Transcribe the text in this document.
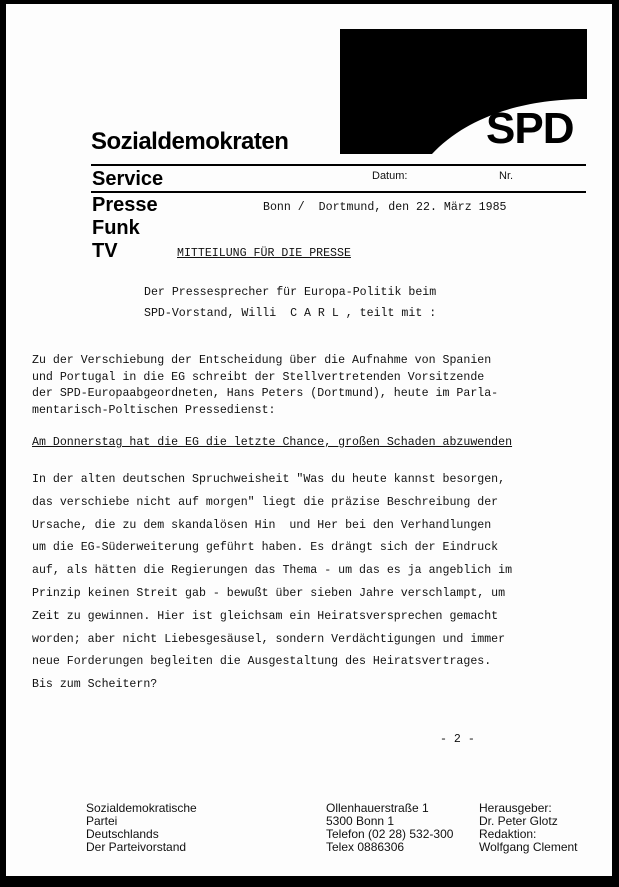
SPD
Sozialdemokraten
Service	Datum:	Nr.
Presse
Funk
TV
Bonn /  Dortmund, den 22. März 1985
MITTEILUNG FÜR DIE PRESSE
Der Pressesprecher für Europa-Politik beim
SPD-Vorstand, Willi  C A R L , teilt mit :
Zu der Verschiebung der Entscheidung über die Aufnahme von Spanien
und Portugal in die EG schreibt der Stellvertretenden Vorsitzende
der SPD-Europaabgeordneten, Hans Peters (Dortmund), heute im Parla-
mentarisch-Poltischen Pressedienst:
Am Donnerstag hat die EG die letzte Chance, großen Schaden abzuwenden
In der alten deutschen Spruchweisheit "Was du heute kannst besorgen,
das verschiebe nicht auf morgen" liegt die präzise Beschreibung der
Ursache, die zu dem skandalösen Hin  und Her bei den Verhandlungen
um die EG-Süderweiterung geführt haben. Es drängt sich der Eindruck
auf, als hätten die Regierungen das Thema - um das es ja angeblich im
Prinzip keinen Streit gab - bewußt über sieben Jahre verschlampt, um
Zeit zu gewinnen. Hier ist gleichsam ein Heiratsversprechen gemacht
worden; aber nicht Liebesgesäusel, sondern Verdächtigungen und immer
neue Forderungen begleiten die Ausgestaltung des Heiratsvertrages.
Bis zum Scheitern?
- 2 -
Sozialdemokratische
Partei
Deutschlands
Der Parteivorstand
Ollenhauerstraße 1
5300 Bonn 1
Telefon (02 28) 532-300
Telex 0886306
Herausgeber:
Dr. Peter Glotz
Redaktion:
Wolfgang Clement
